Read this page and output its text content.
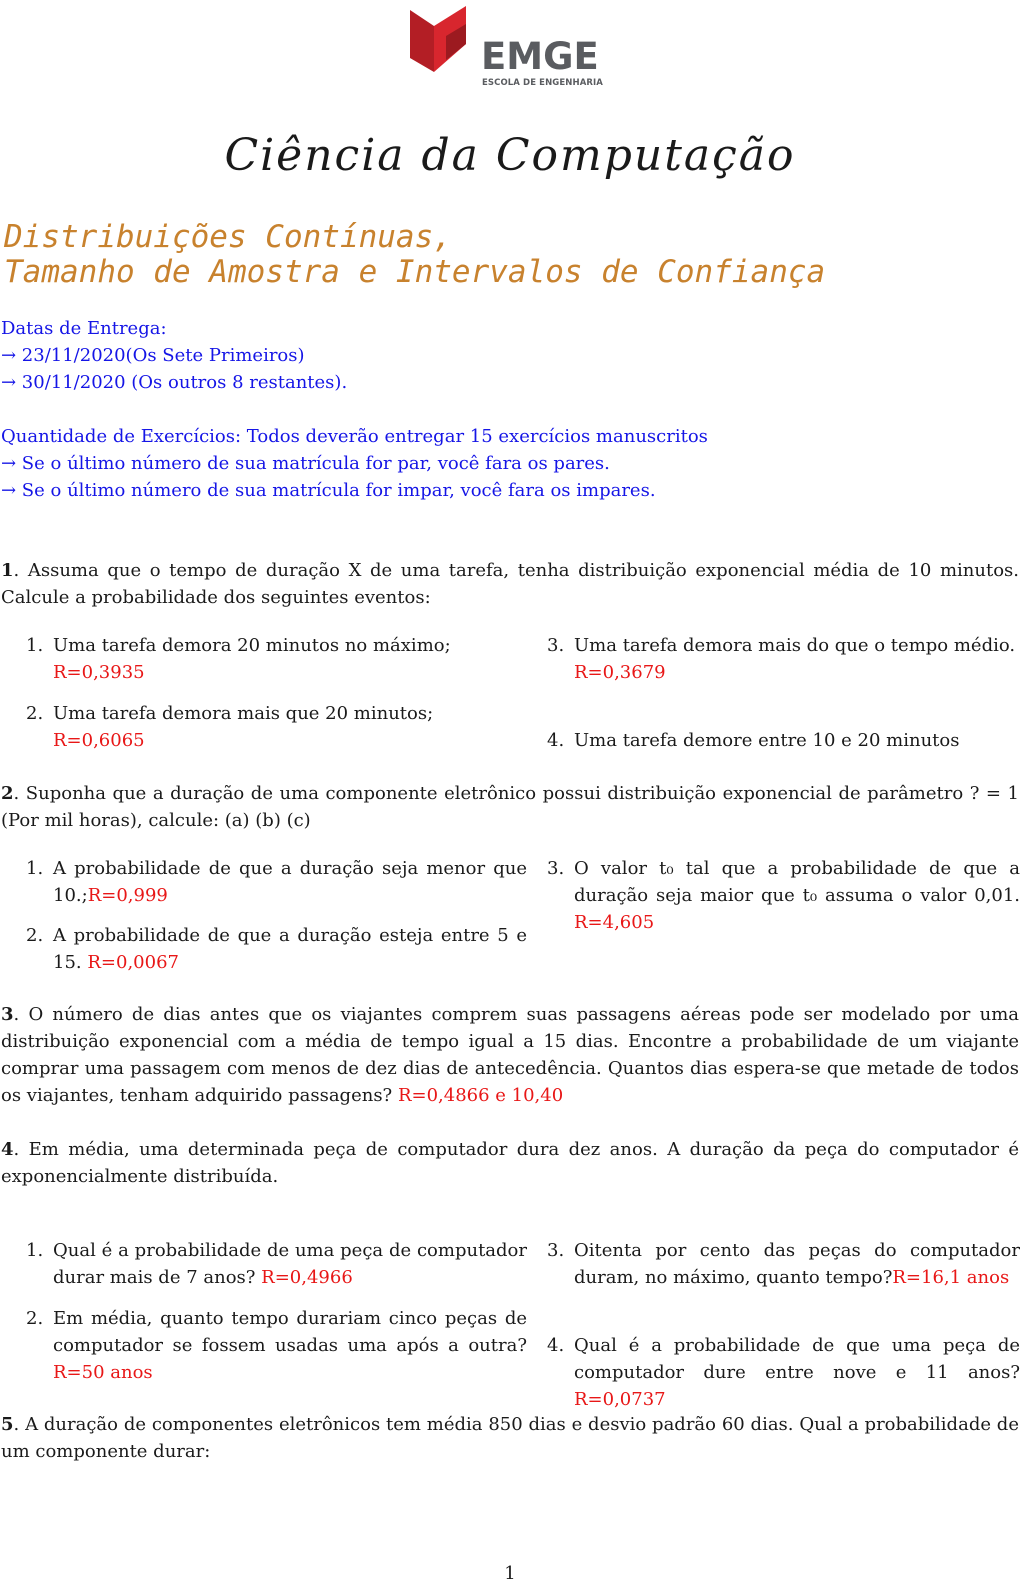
EMGE
ESCOLA DE ENGENHARIA
Ciência da Computação
Distribuições Contínuas,
Tamanho de Amostra e Intervalos de Confiança
Datas de Entrega:
→ 23/11/2020(Os Sete Primeiros)
→ 30/11/2020 (Os outros 8 restantes).
Quantidade de Exercícios: Todos deverão entregar 15 exercícios manuscritos
→ Se o último número de sua matrícula for par, você fara os pares.
→ Se o último número de sua matrícula for impar, você fara os impares.
1. Assuma que o tempo de duração X de uma tarefa, tenha distribuição exponencial média de 10 minutos. Calcule a probabilidade dos seguintes eventos:
1. Uma tarefa demora 20 minutos no máximo;
R=0,3935
2. Uma tarefa demora mais que 20 minutos;
R=0,6065
3. Uma tarefa demora mais do que o tempo médio.
R=0,3679
4. Uma tarefa demore entre 10 e 20 minutos
2. Suponha que a duração de uma componente eletrônico possui distribuição exponencial de parâmetro ? = 1 (Por mil horas), calcule: (a) (b) (c)
1. A probabilidade de que a duração seja menor que 10.;R=0,999
2. A probabilidade de que a duração esteja entre 5 e 15. R=0,0067
3. O valor t₀ tal que a probabilidade de que a duração seja maior que t₀ assuma o valor 0,01. R=4,605
3. O número de dias antes que os viajantes comprem suas passagens aéreas pode ser modelado por uma distribuição exponencial com a média de tempo igual a 15 dias. Encontre a probabilidade de um viajante comprar uma passagem com menos de dez dias de antecedência. Quantos dias espera-se que metade de todos os viajantes, tenham adquirido passagens? R=0,4866 e 10,40
4. Em média, uma determinada peça de computador dura dez anos. A duração da peça do computador é exponencialmente distribuída.
1. Qual é a probabilidade de uma peça de computador durar mais de 7 anos? R=0,4966
2. Em média, quanto tempo durariam cinco peças de computador se fossem usadas uma após a outra? R=50 anos
3. Oitenta por cento das peças do computador duram, no máximo, quanto tempo?R=16,1 anos
4. Qual é a probabilidade de que uma peça de computador dure entre nove e 11 anos? R=0,0737
5. A duração de componentes eletrônicos tem média 850 dias e desvio padrão 60 dias. Qual a probabilidade de um componente durar:
1
